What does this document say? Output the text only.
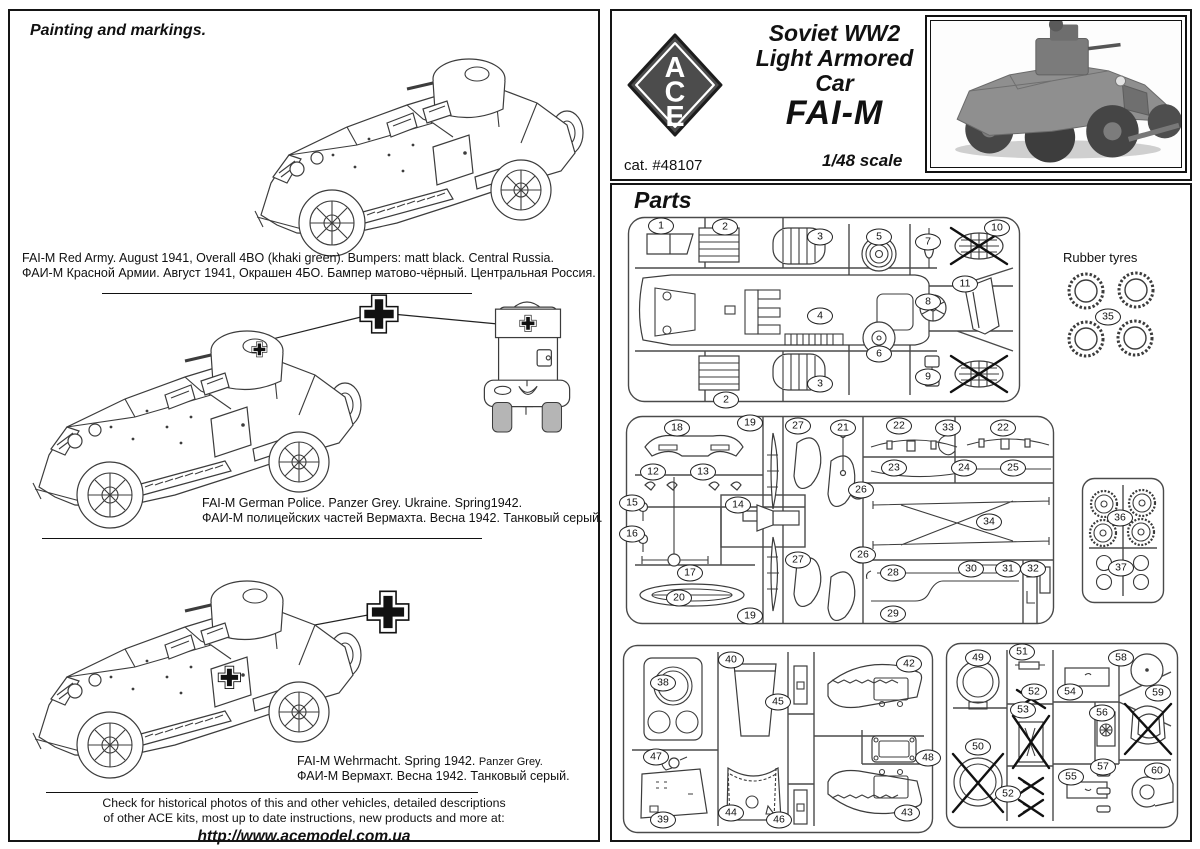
Painting and markings.
FAI-M Red Army. August 1941, Overall 4BO (khaki green). Bumpers: matt black. Central Russia.
ФАИ-М Красной Армии. Август 1941, Окрашен 4БО. Бампер матово-чёрный. Центральная Россия.
FAI-M German Police. Panzer Grey. Ukraine. Spring1942.
ФАИ-М полицейских частей Вермахта. Весна 1942. Танковый серый.
FAI-M Wehrmacht. Spring 1942. Panzer Grey.
ФАИ-М Вермахт. Весна 1942. Танковый серый.
Check for historical photos of this and other vehicles, detailed descriptions
of other ACE kits, most up to date instructions, new products and more at:
http://www.acemodel.com.ua
A
C
E
cat. #48107
Soviet WW2
Light Armored Car
FAI-M
1/48 scale
Parts
Rubber tyres
1	2
3	5	7
10
4
8
11
6
9
3
2
35
18	19	27	21	22	33	22
12	13	23	24	25
15
26
14
34
16
26
27
17	28	30	31	32
20
19	29
36
37
38
40
45
42
47	48
39
44
46
43
49	51
52	54
58
53	56
59
50
52
55
57	60
